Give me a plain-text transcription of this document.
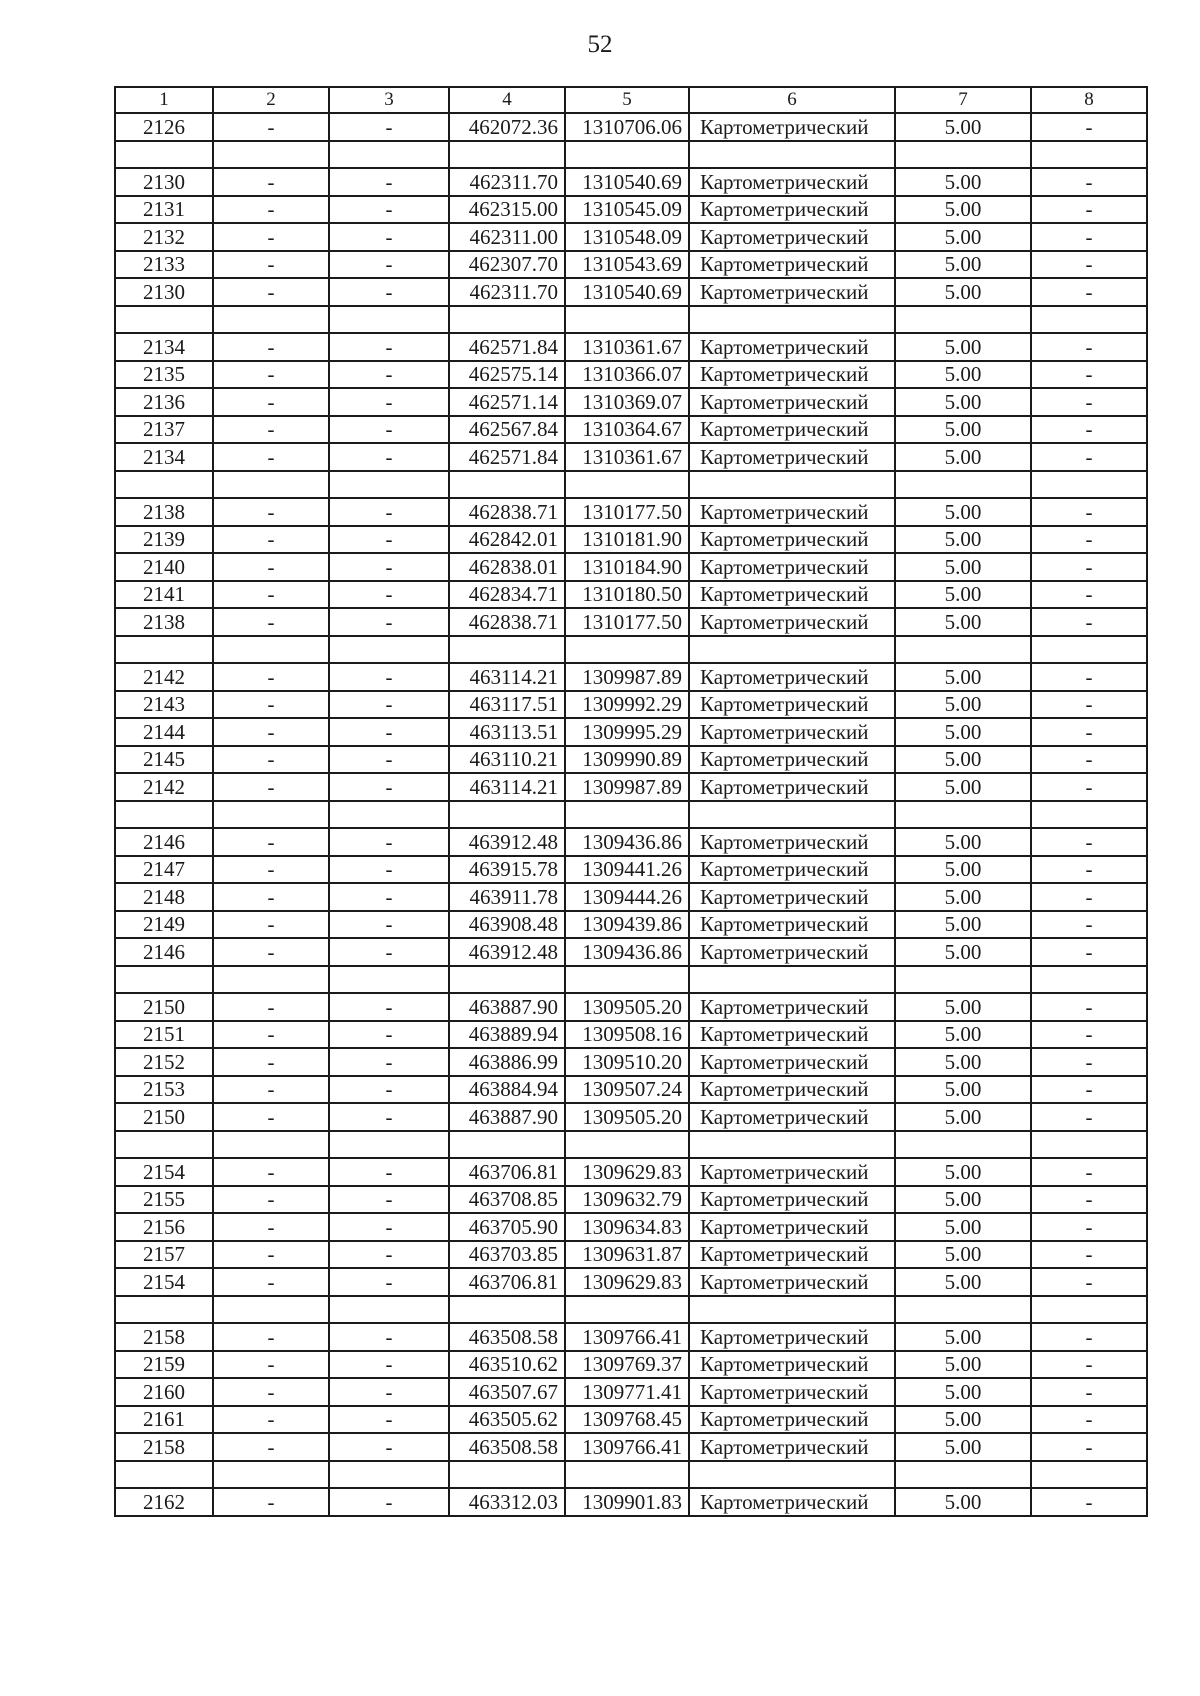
52
1	2	3	4	5	6	7	8
2126	-	-	462072.36	1310706.06	Картометрический	5.00	-

2130	-	-	462311.70	1310540.69	Картометрический	5.00	-
2131	-	-	462315.00	1310545.09	Картометрический	5.00	-
2132	-	-	462311.00	1310548.09	Картометрический	5.00	-
2133	-	-	462307.70	1310543.69	Картометрический	5.00	-
2130	-	-	462311.70	1310540.69	Картометрический	5.00	-

2134	-	-	462571.84	1310361.67	Картометрический	5.00	-
2135	-	-	462575.14	1310366.07	Картометрический	5.00	-
2136	-	-	462571.14	1310369.07	Картометрический	5.00	-
2137	-	-	462567.84	1310364.67	Картометрический	5.00	-
2134	-	-	462571.84	1310361.67	Картометрический	5.00	-

2138	-	-	462838.71	1310177.50	Картометрический	5.00	-
2139	-	-	462842.01	1310181.90	Картометрический	5.00	-
2140	-	-	462838.01	1310184.90	Картометрический	5.00	-
2141	-	-	462834.71	1310180.50	Картометрический	5.00	-
2138	-	-	462838.71	1310177.50	Картометрический	5.00	-

2142	-	-	463114.21	1309987.89	Картометрический	5.00	-
2143	-	-	463117.51	1309992.29	Картометрический	5.00	-
2144	-	-	463113.51	1309995.29	Картометрический	5.00	-
2145	-	-	463110.21	1309990.89	Картометрический	5.00	-
2142	-	-	463114.21	1309987.89	Картометрический	5.00	-

2146	-	-	463912.48	1309436.86	Картометрический	5.00	-
2147	-	-	463915.78	1309441.26	Картометрический	5.00	-
2148	-	-	463911.78	1309444.26	Картометрический	5.00	-
2149	-	-	463908.48	1309439.86	Картометрический	5.00	-
2146	-	-	463912.48	1309436.86	Картометрический	5.00	-

2150	-	-	463887.90	1309505.20	Картометрический	5.00	-
2151	-	-	463889.94	1309508.16	Картометрический	5.00	-
2152	-	-	463886.99	1309510.20	Картометрический	5.00	-
2153	-	-	463884.94	1309507.24	Картометрический	5.00	-
2150	-	-	463887.90	1309505.20	Картометрический	5.00	-

2154	-	-	463706.81	1309629.83	Картометрический	5.00	-
2155	-	-	463708.85	1309632.79	Картометрический	5.00	-
2156	-	-	463705.90	1309634.83	Картометрический	5.00	-
2157	-	-	463703.85	1309631.87	Картометрический	5.00	-
2154	-	-	463706.81	1309629.83	Картометрический	5.00	-

2158	-	-	463508.58	1309766.41	Картометрический	5.00	-
2159	-	-	463510.62	1309769.37	Картометрический	5.00	-
2160	-	-	463507.67	1309771.41	Картометрический	5.00	-
2161	-	-	463505.62	1309768.45	Картометрический	5.00	-
2158	-	-	463508.58	1309766.41	Картометрический	5.00	-

2162	-	-	463312.03	1309901.83	Картометрический	5.00	-
